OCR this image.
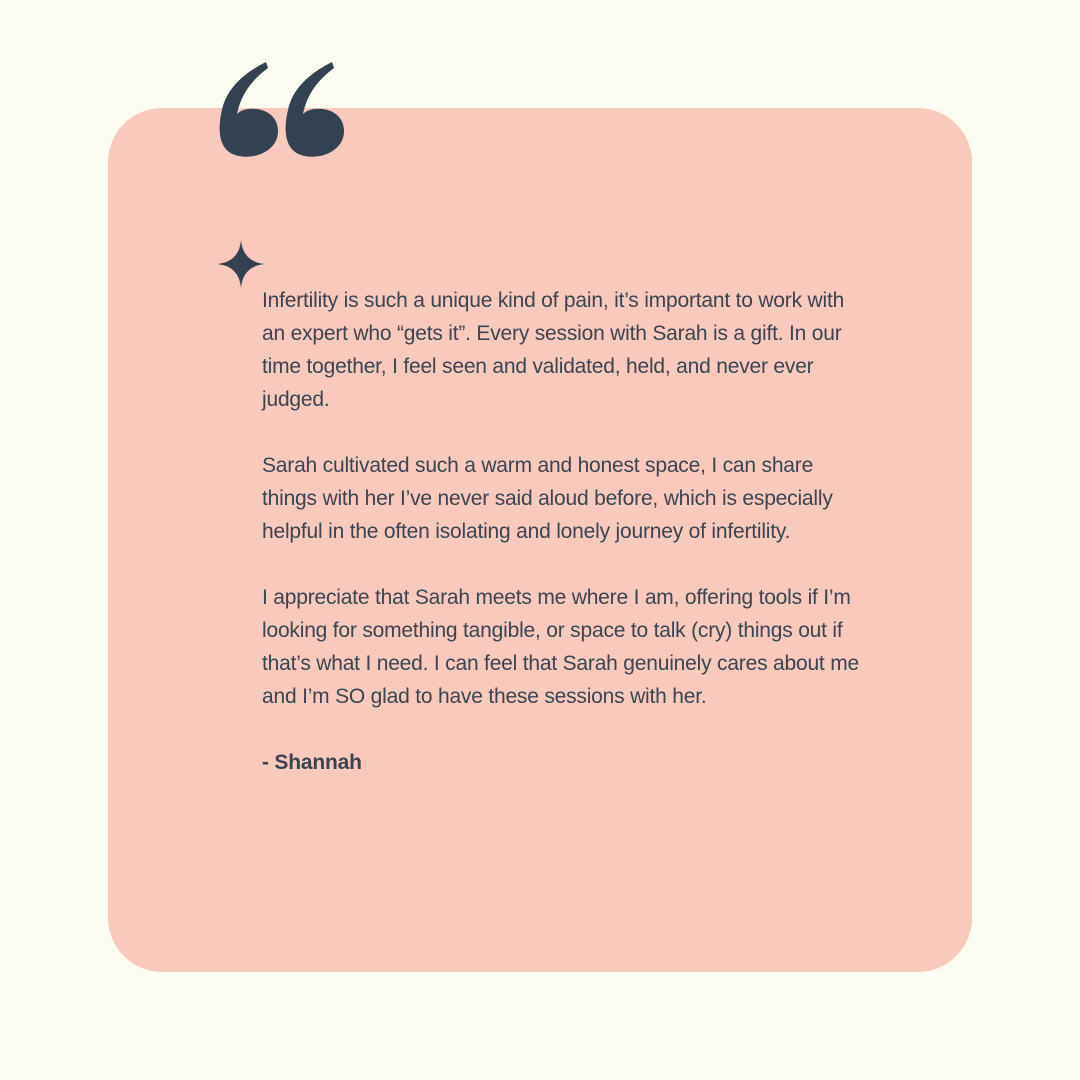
Infertility is such a unique kind of pain, it’s important to work with an expert who “gets it”. Every session with Sarah is a gift. In our time together, I feel seen and validated, held, and never ever judged.

Sarah cultivated such a warm and honest space, I can share things with her I’ve never said aloud before, which is especially helpful in the often isolating and lonely journey of infertility.

I appreciate that Sarah meets me where I am, offering tools if I’m looking for something tangible, or space to talk (cry) things out if that’s what I need. I can feel that Sarah genuinely cares about me and I’m SO glad to have these sessions with her.

- Shannah
